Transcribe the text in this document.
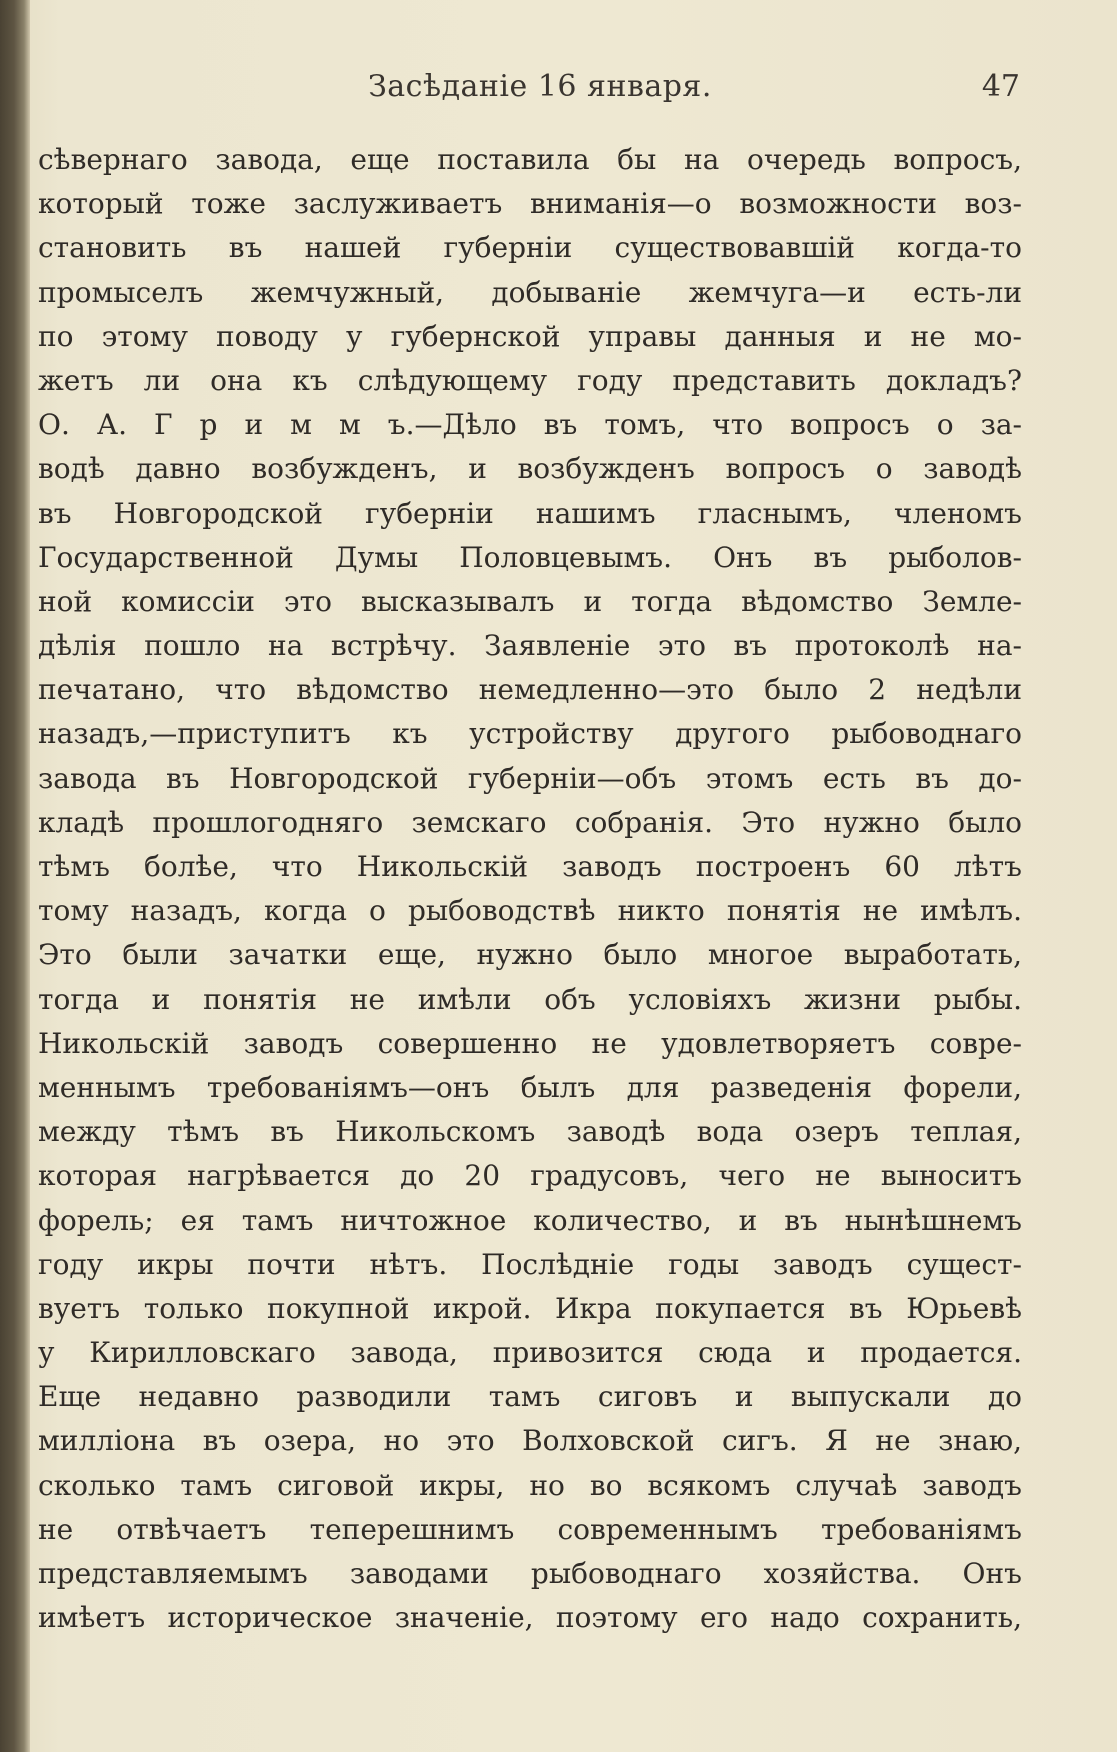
Засѣданіе 16 января.	47
сѣвернаго завода, еще поставила бы на очередь вопросъ,
который тоже заслуживаетъ вниманія—о возможности воз-
становить въ нашей губерніи существовавшій когда-то
промыселъ жемчужный, добываніе жемчуга—и есть-ли
по этому поводу у губернской управы данныя и не мо-
жетъ ли она къ слѣдующему году представить докладъ?
О. А. Г р и м м ъ.—Дѣло въ томъ, что вопросъ о за-
водѣ давно возбужденъ, и возбужденъ вопросъ о заводѣ
въ Новгородской губерніи нашимъ гласнымъ, членомъ
Государственной Думы Половцевымъ. Онъ въ рыболов-
ной комиссіи это высказывалъ и тогда вѣдомство Земле-
дѣлія пошло на встрѣчу. Заявленіе это въ протоколѣ на-
печатано, что вѣдомство немедленно—это было 2 недѣли
назадъ,—приступитъ къ устройству другого рыбоводнаго
завода въ Новгородской губерніи—объ этомъ есть въ до-
кладѣ прошлогодняго земскаго собранія. Это нужно было
тѣмъ болѣе, что Никольскій заводъ построенъ 60 лѣтъ
тому назадъ, когда о рыбоводствѣ никто понятія не имѣлъ.
Это были зачатки еще, нужно было многое выработать,
тогда и понятія не имѣли объ условіяхъ жизни рыбы.
Никольскій заводъ совершенно не удовлетворяетъ совре-
меннымъ требованіямъ—онъ былъ для разведенія форели,
между тѣмъ въ Никольскомъ заводѣ вода озеръ теплая,
которая нагрѣвается до 20 градусовъ, чего не выноситъ
форель; ея тамъ ничтожное количество, и въ нынѣшнемъ
году икры почти нѣтъ. Послѣдніе годы заводъ сущест-
вуетъ только покупной икрой. Икра покупается въ Юрьевѣ
у Кирилловскаго завода, привозится сюда и продается.
Еще недавно разводили тамъ сиговъ и выпускали до
милліона въ озера, но это Волховской сигъ. Я не знаю,
сколько тамъ сиговой икры, но во всякомъ случаѣ заводъ
не отвѣчаетъ теперешнимъ современнымъ требованіямъ
представляемымъ заводами рыбоводнаго хозяйства. Онъ
имѣетъ историческое значеніе, поэтому его надо сохранить,
